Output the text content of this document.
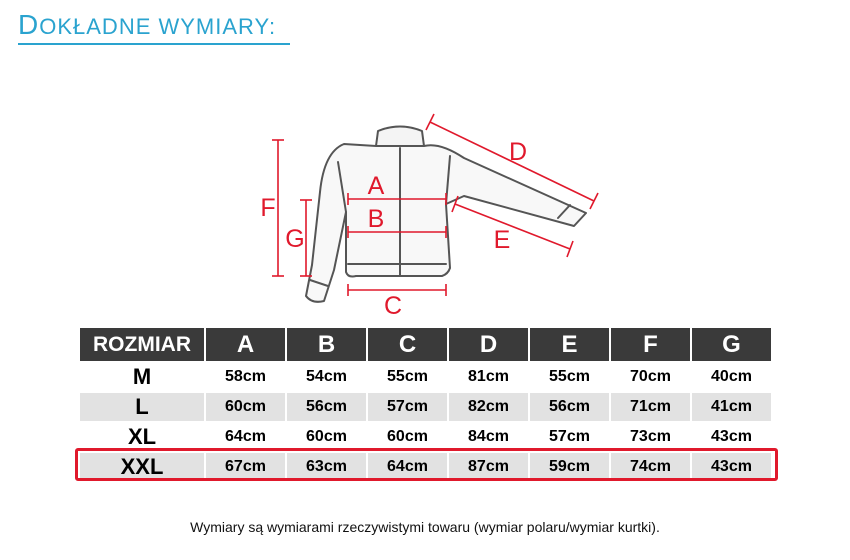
DOKŁADNE WYMIARY:
A
B
C
D
E
F
G
ROZMIAR	A	B	C	D	E	F	G
M	58cm	54cm	55cm	81cm	55cm	70cm	40cm
L	60cm	56cm	57cm	82cm	56cm	71cm	41cm
XL	64cm	60cm	60cm	84cm	57cm	73cm	43cm
XXL	67cm	63cm	64cm	87cm	59cm	74cm	43cm
Wymiary są wymiarami rzeczywistymi towaru (wymiar polaru/wymiar kurtki).
